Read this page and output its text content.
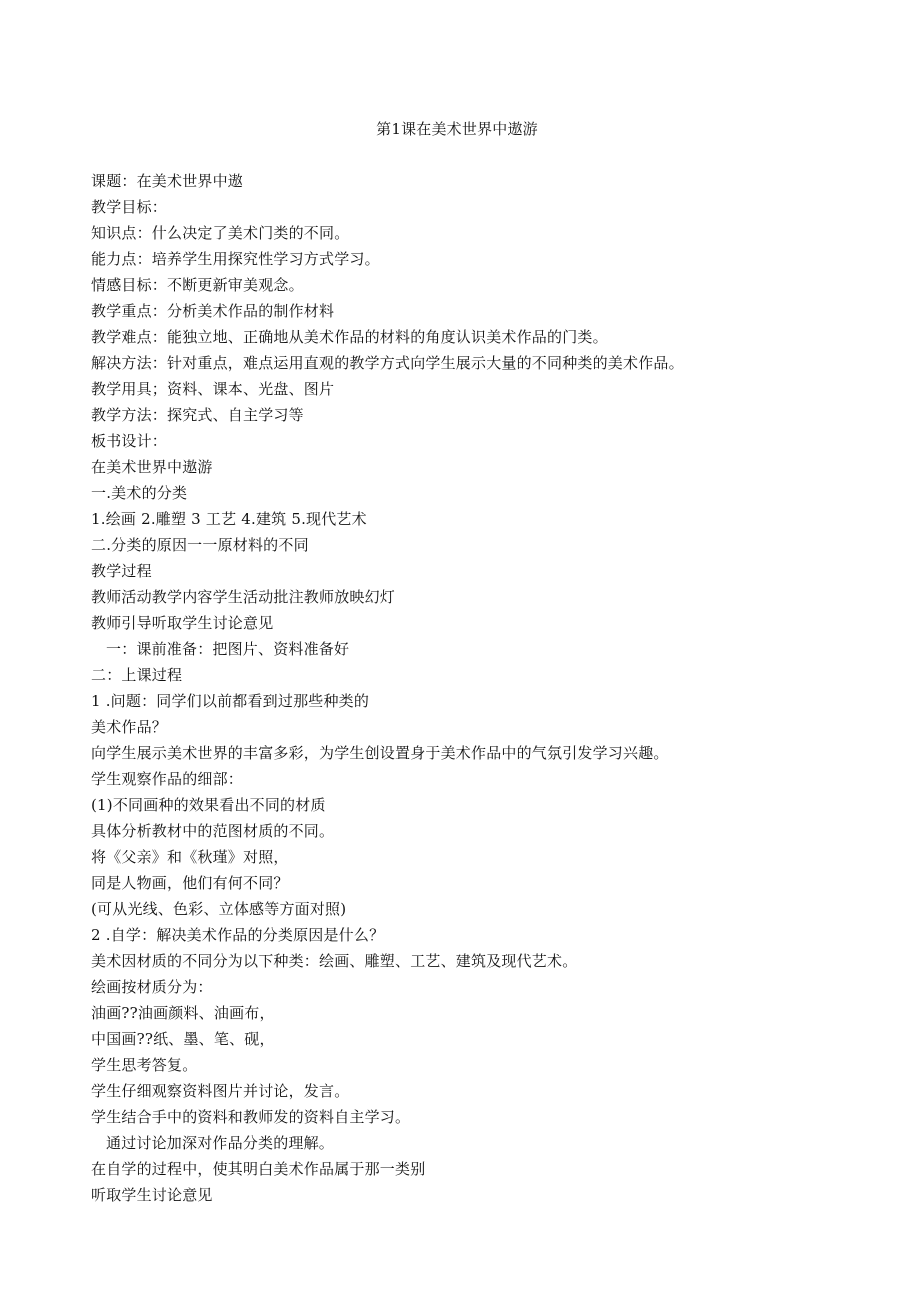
第1课在美术世界中遨游
课题：在美术世界中遨
教学目标：
知识点：什么决定了美术门类的不同。
能力点：培养学生用探究性学习方式学习。
情感目标：不断更新审美观念。
教学重点：分析美术作品的制作材料
教学难点：能独立地、正确地从美术作品的材料的角度认识美术作品的门类。
解决方法：针对重点，难点运用直观的教学方式向学生展示大量的不同种类的美术作品。
教学用具；资料、课本、光盘、图片
教学方法：探究式、自主学习等
板书设计：
在美术世界中遨游
一.美术的分类
1.绘画 2.雕塑 3 工艺 4.建筑 5.现代艺术
二.分类的原因一一原材料的不同
教学过程
教师活动教学内容学生活动批注教师放映幻灯
教师引导听取学生讨论意见
一：课前准备：把图片、资料准备好
二：上课过程
1 .问题：同学们以前都看到过那些种类的
美术作品？
向学生展示美术世界的丰富多彩，为学生创设置身于美术作品中的气氛引发学习兴趣。
学生观察作品的细部：
(1)不同画种的效果看出不同的材质
具体分析教材中的范图材质的不同。
将《父亲》和《秋瑾》对照，
同是人物画，他们有何不同？
(可从光线、色彩、立体感等方面对照)
2 .自学：解决美术作品的分类原因是什么？
美术因材质的不同分为以下种类：绘画、雕塑、工艺、建筑及现代艺术。
绘画按材质分为：
油画??油画颜料、油画布，
中国画??纸、墨、笔、砚，
学生思考答复。
学生仔细观察资料图片并讨论，发言。
学生结合手中的资料和教师发的资料自主学习。
通过讨论加深对作品分类的理解。
在自学的过程中，使其明白美术作品属于那一类别
听取学生讨论意见
